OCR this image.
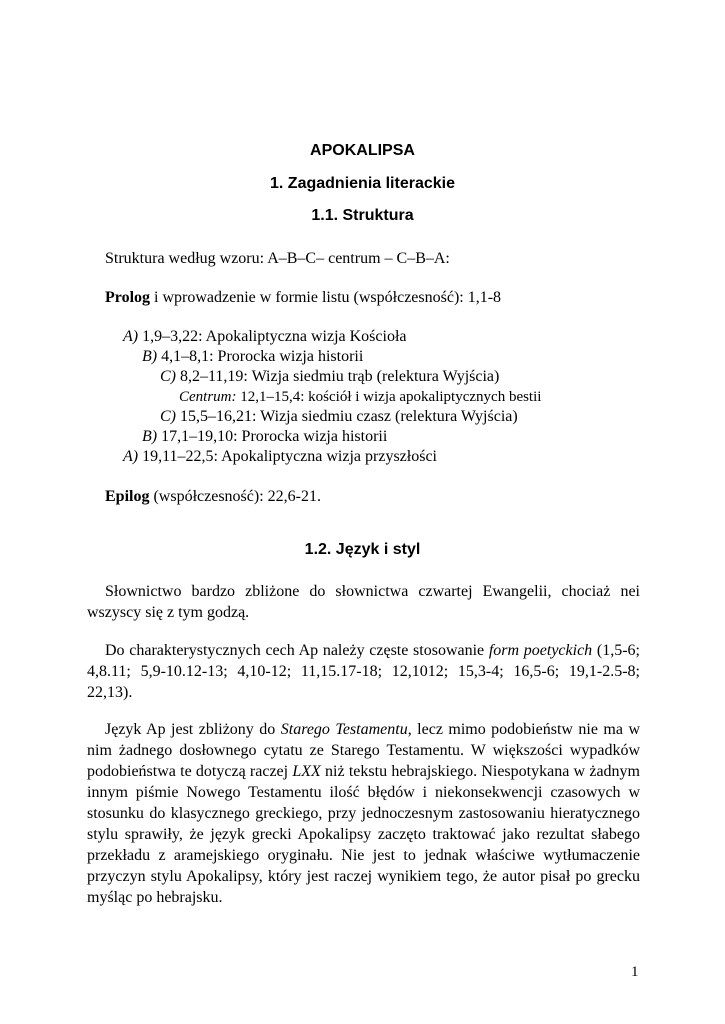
APOKALIPSA
1. Zagadnienia literackie
1.1. Struktura

Struktura według wzoru: A–B–C– centrum – C–B–A:

Prolog i wprowadzenie w formie listu (współczesność): 1,1-8

A) 1,9–3,22: Apokaliptyczna wizja Kościoła

B) 4,1–8,1: Prorocka wizja historii

C) 8,2–11,19: Wizja siedmiu trąb (relektura Wyjścia)

Centrum: 12,1–15,4: kościół i wizja apokaliptycznych bestii

C) 15,5–16,21: Wizja siedmiu czasz (relektura Wyjścia)

B) 17,1–19,10: Prorocka wizja historii

A) 19,11–22,5: Apokaliptyczna wizja przyszłości

Epilog (współczesność): 22,6-21.

1.2. Język i styl

Słownictwo bardzo zbliżone do słownictwa czwartej Ewangelii, chociaż nei wszyscy się z tym godzą.

Do charakterystycznych cech Ap należy częste stosowanie form poetyckich (1,5-6; 4,8.11; 5,9-10.12-13; 4,10-12; 11,15.17-18; 12,1012; 15,3-4; 16,5-6; 19,1-2.5-8; 22,13).

Język Ap jest zbliżony do Starego Testamentu, lecz mimo podobieństw nie ma w nim żadnego dosłownego cytatu ze Starego Testamentu. W większości wypadków podobieństwa te dotyczą raczej LXX niż tekstu hebrajskiego. Niespotykana w żadnym innym piśmie Nowego Testamentu ilość błędów i niekonsekwencji czasowych w stosunku do klasycznego greckiego, przy jednoczesnym zastosowaniu hieratycznego stylu sprawiły, że język grecki Apokalipsy zaczęto traktować jako rezultat słabego przekładu z aramejskiego oryginału. Nie jest to jednak właściwe wytłumaczenie przyczyn stylu Apokalipsy, który jest raczej wynikiem tego, że autor pisał po grecku myśląc po hebrajsku.

1
